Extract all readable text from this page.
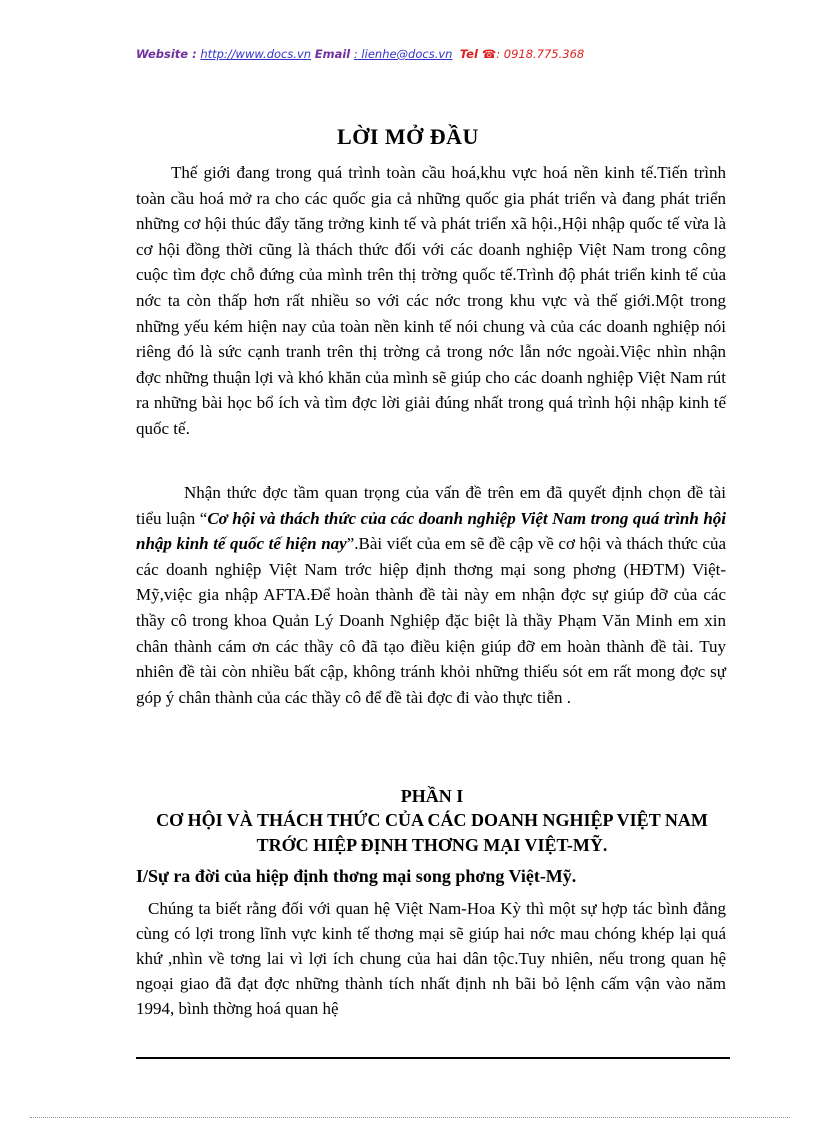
Website : http://www.docs.vn Email : lienhe@docs.vn Tel ☎: 0918.775.368
LỜI MỞ ĐẦU

Thế giới đang trong quá trình toàn cầu hoá,khu vực hoá nền kinh tế.Tiến trình toàn cầu hoá mở ra cho các quốc gia cả những quốc gia phát triển và đang phát triển những cơ hội thúc đẩy tăng trởng kinh tế và phát triển xã hội.,Hội nhập quốc tế vừa là cơ hội đồng thời cũng là thách thức đối với các doanh nghiệp Việt Nam trong công cuộc tìm đợc chỗ đứng của mình trên thị trờng quốc tế.Trình độ phát triển kinh tế của nớc ta còn thấp hơn rất nhiều so với các nớc trong khu vực và thế giới.Một trong những yếu kém hiện nay của toàn nền kinh tế nói chung và của các doanh nghiệp nói riêng đó là sức cạnh tranh trên thị trờng cả trong nớc lẫn nớc ngoài.Việc nhìn nhận đợc những thuận lợi và khó khăn của mình sẽ giúp cho các doanh nghiệp Việt Nam rút ra những bài học bổ ích và tìm đợc lời giải đúng nhất trong quá trình hội nhập kinh tế quốc tế.

Nhận thức đợc tầm quan trọng của vấn đề trên em đã quyết định chọn đề tài tiểu luận “Cơ hội và thách thức của các doanh nghiệp Việt Nam trong quá trình hội nhập kinh tế quốc tế hiện nay”.Bài viết của em sẽ đề cập về cơ hội và thách thức của các doanh nghiệp Việt Nam trớc hiệp định thơng mại song phơng (HĐTM) Việt-Mỹ,việc gia nhập AFTA.Để hoàn thành đề tài này em nhận đợc sự giúp đỡ của các thầy cô trong khoa Quản Lý Doanh Nghiệp đặc biệt là thầy Phạm Văn Minh em xin chân thành cám ơn các thầy cô đã tạo điều kiện giúp đỡ em hoàn thành đề tài. Tuy nhiên đề tài còn nhiều bất cập, không tránh khỏi những thiếu sót em rất mong đợc sự góp ý chân thành của các thầy cô để đề tài đợc đi vào thực tiễn .

PHẦN I

CƠ HỘI VÀ THÁCH THỨC CỦA CÁC DOANH NGHIỆP VIỆT NAM

TRỚC HIỆP ĐỊNH THƠNG MẠI VIỆT-MỸ.

I/Sự ra đời của hiệp định thơng mại song phơng Việt-Mỹ.

Chúng ta biết rằng đối với quan hệ Việt Nam-Hoa Kỳ thì một sự hợp tác bình đẳng cùng có lợi trong lĩnh vực kinh tế thơng mại sẽ giúp hai nớc mau chóng khép lại quá khứ ,nhìn về tơng lai vì lợi ích chung của hai dân tộc.Tuy nhiên, nếu trong quan hệ ngoại giao đã đạt đợc những thành tích nhất định nh bãi bỏ lệnh cấm vận vào năm 1994, bình thờng hoá quan hệ
